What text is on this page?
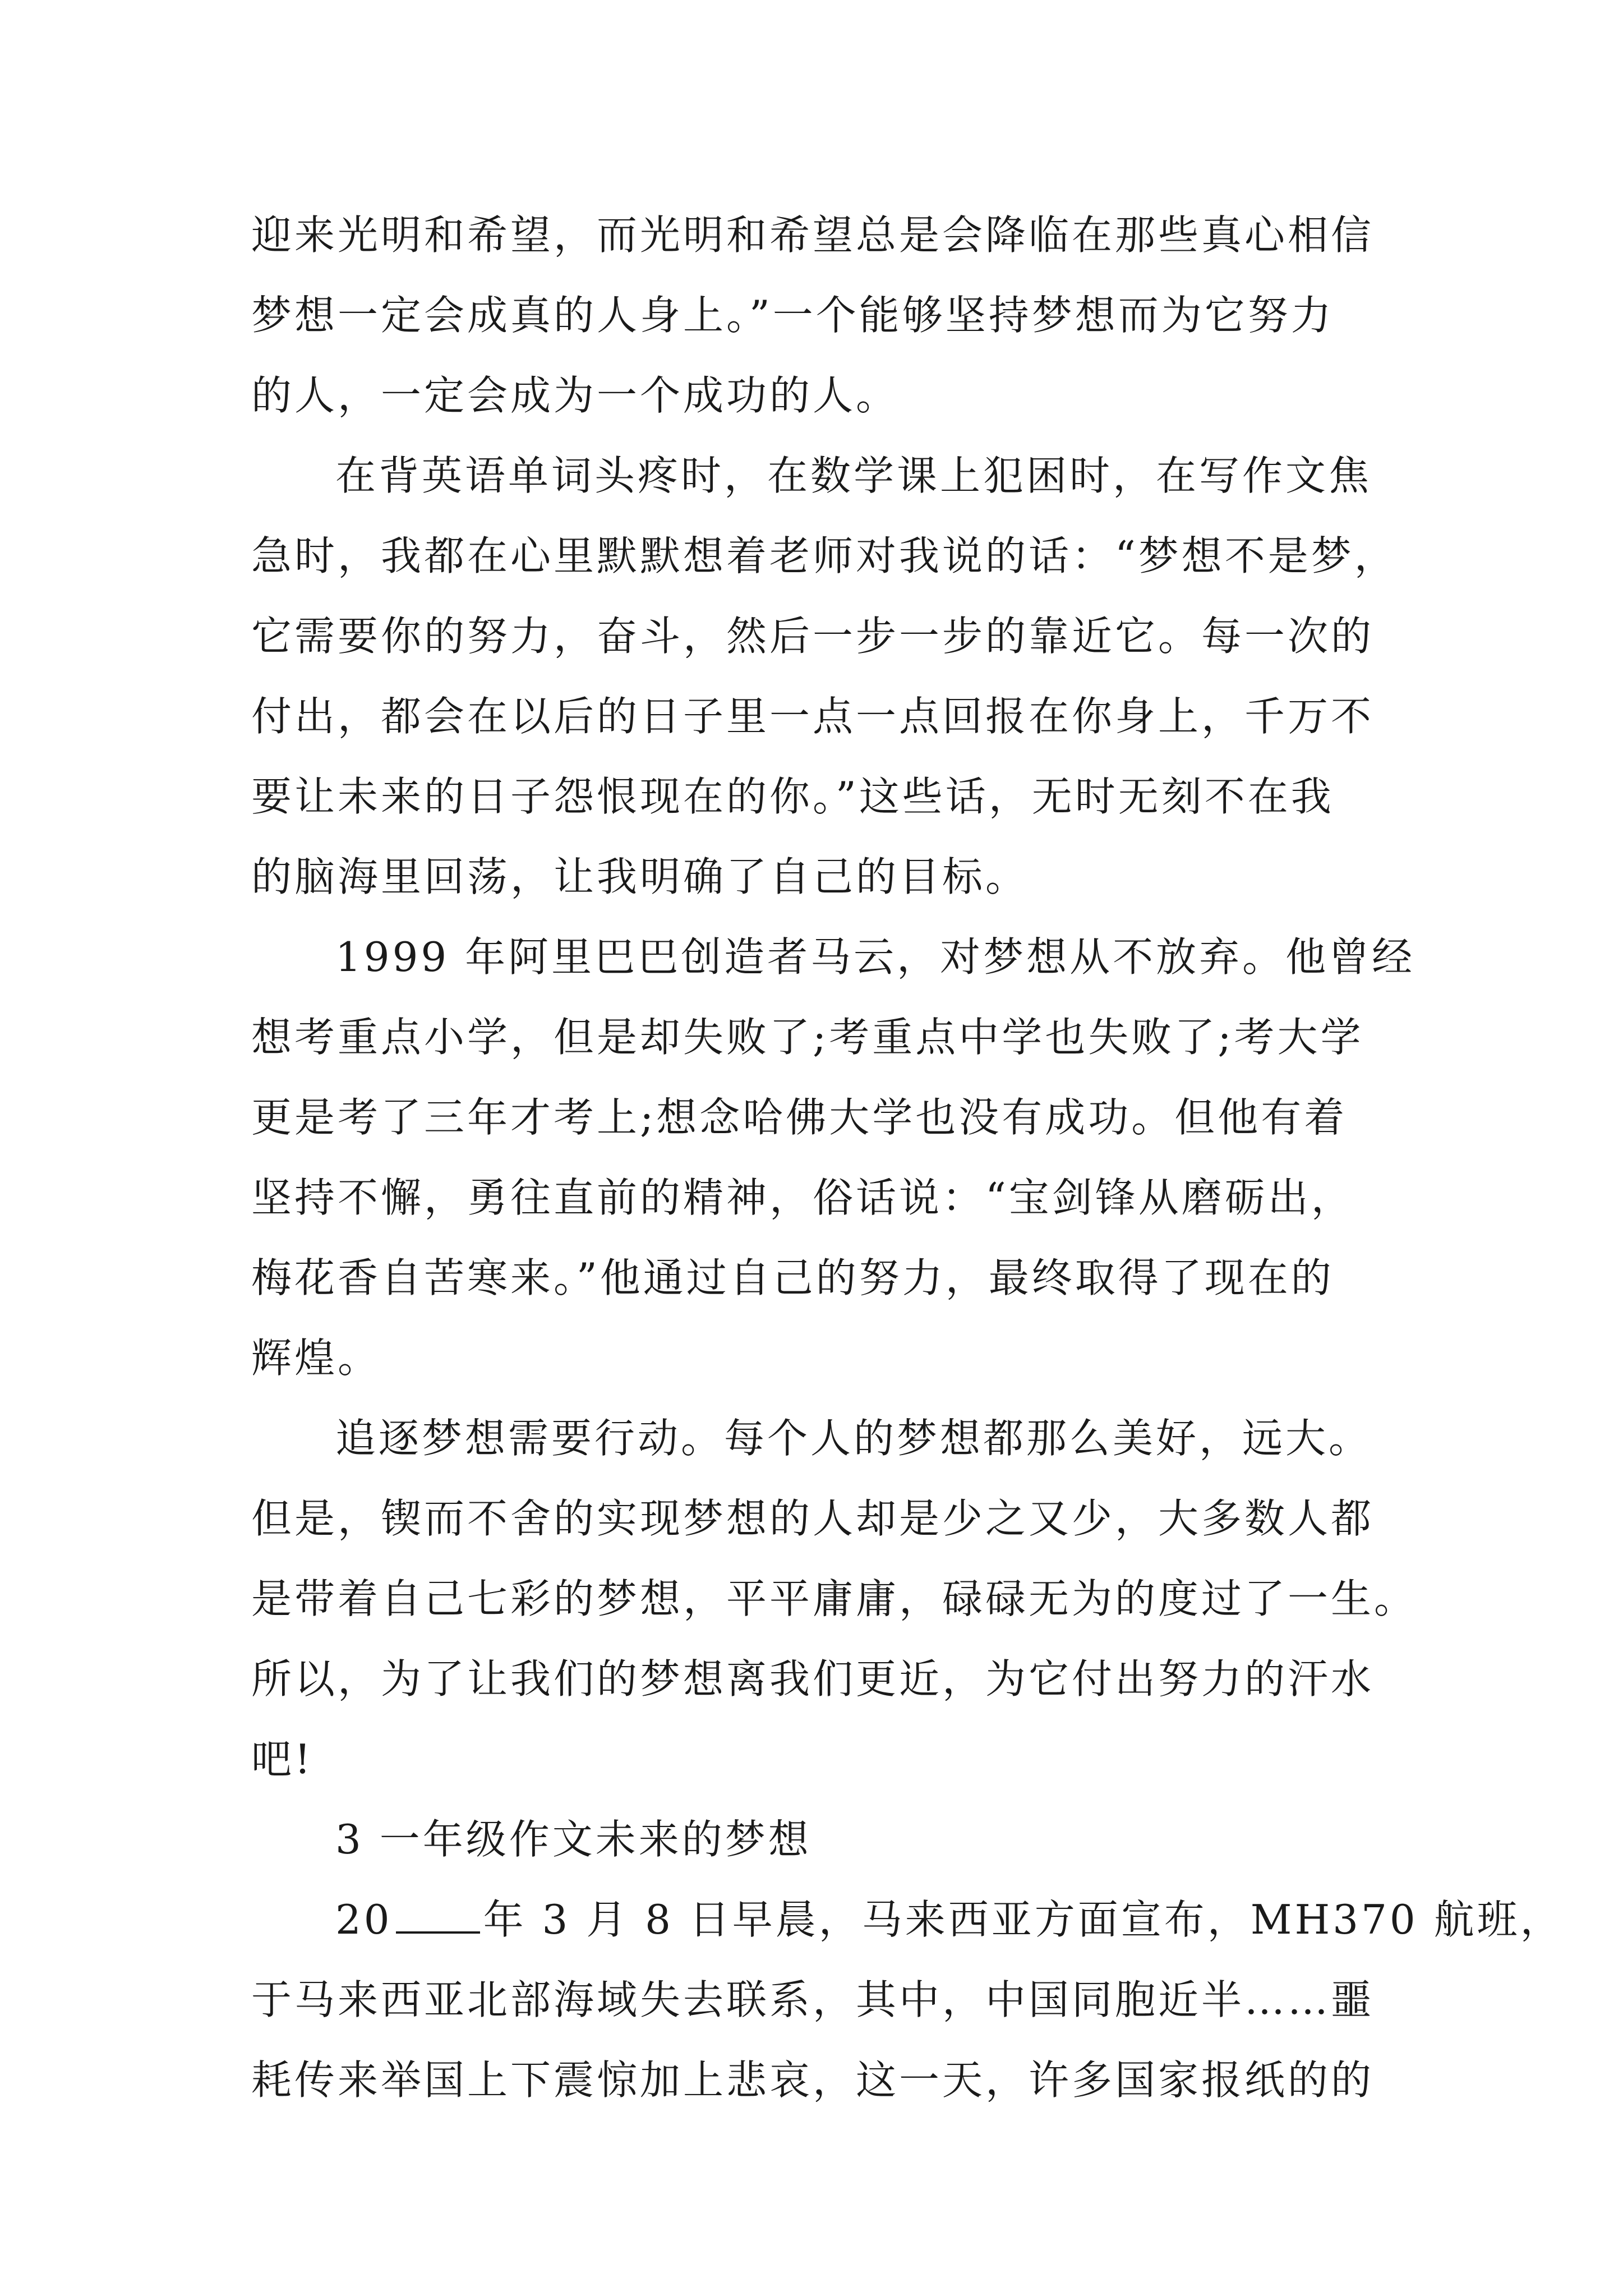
迎来光明和希望，而光明和希望总是会降临在那些真心相信
梦想一定会成真的人身上。”一个能够坚持梦想而为它努力
的人，一定会成为一个成功的人。
在背英语单词头疼时，在数学课上犯困时，在写作文焦
急时，我都在心里默默想着老师对我说的话：“梦想不是梦，
它需要你的努力，奋斗，然后一步一步的靠近它。每一次的
付出，都会在以后的日子里一点一点回报在你身上，千万不
要让未来的日子怨恨现在的你。”这些话，无时无刻不在我
的脑海里回荡，让我明确了自己的目标。
1999 年阿里巴巴创造者马云，对梦想从不放弃。他曾经
想考重点小学，但是却失败了;考重点中学也失败了;考大学
更是考了三年才考上;想念哈佛大学也没有成功。但他有着
坚持不懈，勇往直前的精神，俗话说：“宝剑锋从磨砺出，
梅花香自苦寒来。”他通过自己的努力，最终取得了现在的
辉煌。
追逐梦想需要行动。每个人的梦想都那么美好，远大。
但是，锲而不舍的实现梦想的人却是少之又少，大多数人都
是带着自己七彩的梦想，平平庸庸，碌碌无为的度过了一生。
所以，为了让我们的梦想离我们更近，为它付出努力的汗水
吧!
3 一年级作文未来的梦想
20 年 3 月 8 日早晨，马来西亚方面宣布，MH370 航班，
于马来西亚北部海域失去联系，其中，中国同胞近半……噩
耗传来举国上下震惊加上悲哀，这一天，许多国家报纸的的
